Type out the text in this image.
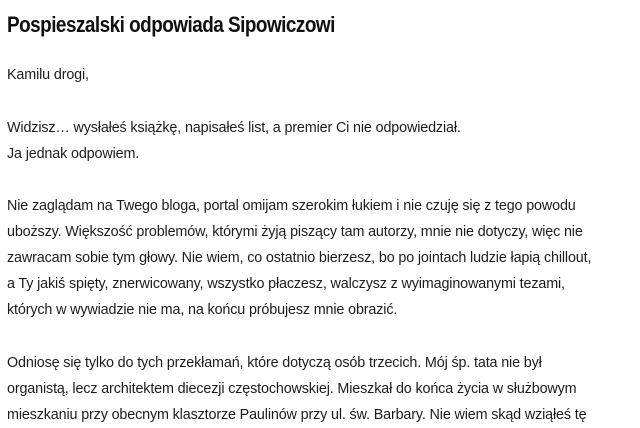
Pospieszalski odpowiada Sipowiczowi
Kamilu drogi,
Widzisz… wysłałeś książkę, napisałeś list, a premier Ci nie odpowiedział.
Ja jednak odpowiem.
Nie zaglądam na Twego bloga, portal omijam szerokim łukiem i nie czuję się z tego powodu
uboższy. Większość problemów, którymi żyją piszący tam autorzy, mnie nie dotyczy, więc nie
zawracam sobie tym głowy. Nie wiem, co ostatnio bierzesz, bo po jointach ludzie łapią chillout,
a Ty jakiś spięty, znerwicowany, wszystko płaczesz, walczysz z wyimaginowanymi tezami,
których w wywiadzie nie ma, na końcu próbujesz mnie obrazić.
Odniosę się tylko do tych przekłamań, które dotyczą osób trzecich. Mój śp. tata nie był
organistą, lecz architektem diecezji częstochowskiej. Mieszkał do końca życia w służbowym
mieszkaniu przy obecnym klasztorze Paulinów przy ul. św. Barbary. Nie wiem skąd wziąłeś tę
